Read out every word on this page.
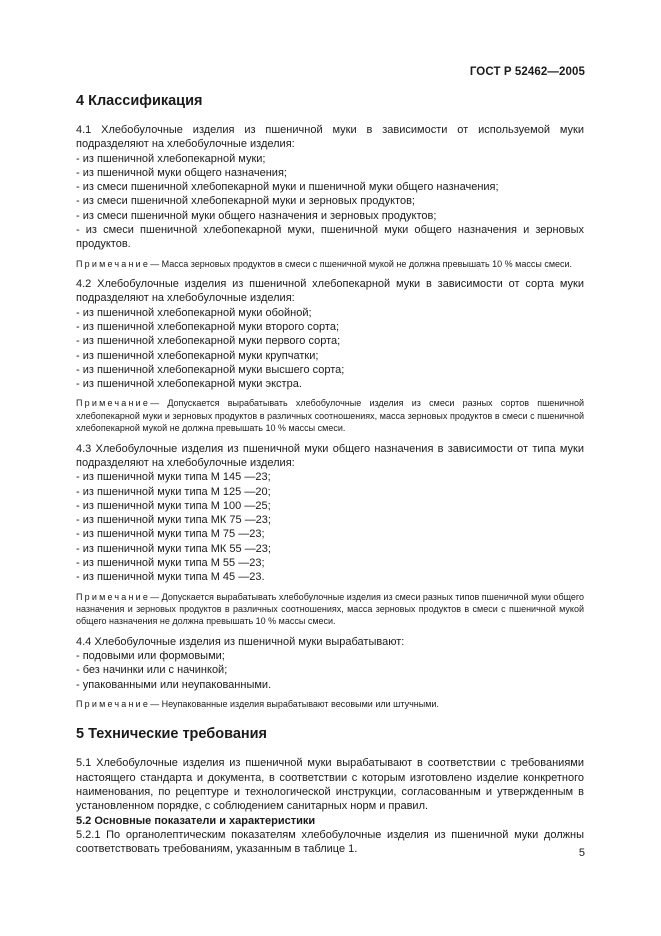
ГОСТ Р 52462—2005
4 Классификация

4.1 Хлебобулочные изделия из пшеничной муки в зависимости от используемой муки подразделяют на хлебобулочные изделия:

- из пшеничной хлебопекарной муки;

- из пшеничной муки общего назначения;

- из смеси пшеничной хлебопекарной муки и пшеничной муки общего назначения;

- из смеси пшеничной хлебопекарной муки и зерновых продуктов;

- из смеси пшеничной муки общего назначения и зерновых продуктов;

- из смеси пшеничной хлебопекарной муки, пшеничной муки общего назначения и зерновых продуктов.

Примечание— Масса зерновых продуктов в смеси с пшеничной мукой не должна превышать 10 % массы смеси.

4.2 Хлебобулочные изделия из пшеничной хлебопекарной муки в зависимости от сорта муки подразделяют на хлебобулочные изделия:

- из пшеничной хлебопекарной муки обойной;

- из пшеничной хлебопекарной муки второго сорта;

- из пшеничной хлебопекарной муки первого сорта;

- из пшеничной хлебопекарной муки крупчатки;

- из пшеничной хлебопекарной муки высшего сорта;

- из пшеничной хлебопекарной муки экстра.

Примечание— Допускается вырабатывать хлебобулочные изделия из смеси разных сортов пшеничной хлебопекарной муки и зерновых продуктов в различных соотношениях, масса зерновых продуктов в смеси с пшеничной хлебопекарной мукой не должна превышать 10 % массы смеси.

4.3 Хлебобулочные изделия из пшеничной муки общего назначения в зависимости от типа муки подразделяют на хлебобулочные изделия:

- из пшеничной муки типа М 145 —23;

- из пшеничной муки типа М 125 —20;

- из пшеничной муки типа М 100 —25;

- из пшеничной муки типа МК 75 —23;

- из пшеничной муки типа М 75 —23;

- из пшеничной муки типа МК 55 —23;

- из пшеничной муки типа М 55 —23;

- из пшеничной муки типа М 45 —23.

Примечание— Допускается вырабатывать хлебобулочные изделия из смеси разных типов пшеничной муки общего назначения и зерновых продуктов в различных соотношениях, масса зерновых продуктов в смеси с пшеничной мукой общего назначения не должна превышать 10 % массы смеси.

4.4 Хлебобулочные изделия из пшеничной муки вырабатывают:

- подовыми или формовыми;

- без начинки или с начинкой;

- упакованными или неупакованными.

Примечание— Неупакованные изделия вырабатывают весовыми или штучными.

5 Технические требования

5.1 Хлебобулочные изделия из пшеничной муки вырабатывают в соответствии с требованиями настоящего стандарта и документа, в соответствии с которым изготовлено изделие конкретного наименования, по рецептуре и технологической инструкции, согласованным и утвержденным в установленном порядке, с соблюдением санитарных норм и правил.

5.2 Основные показатели и характеристики

5.2.1 По органолептическим показателям хлебобулочные изделия из пшеничной муки должны соответствовать требованиям, указанным в таблице 1.	5
